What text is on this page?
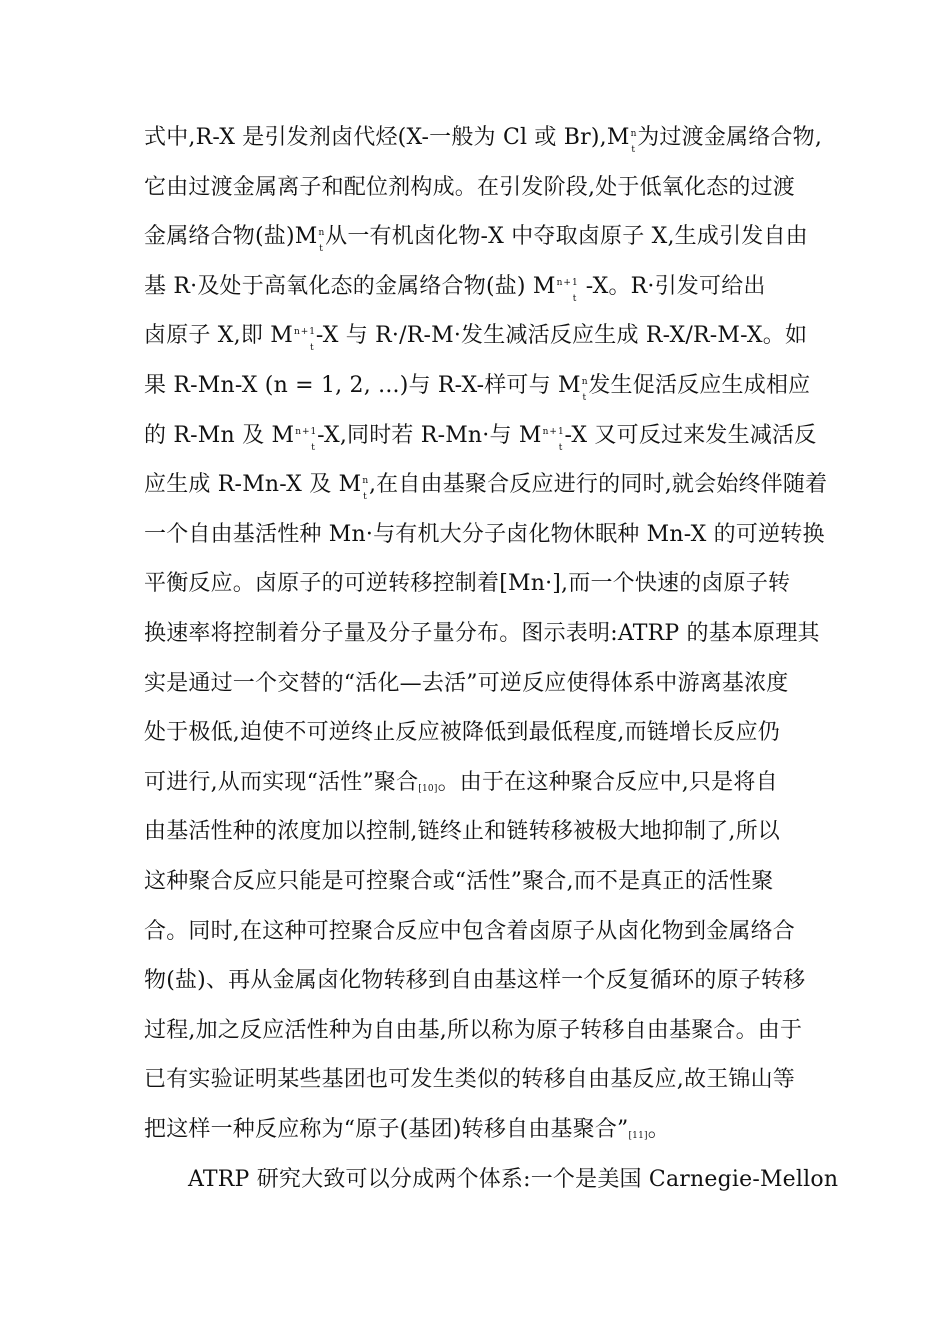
式中,R-X 是引发剂卤代烃(X-一般为 Cl 或 $Br),M^n_t$为过渡金属络合物,
它由过渡金属离子和配位剂构成。在引发阶段,处于低氧化态的过渡
金属络合物(盐)$M^n_t$从一有机卤化物-X 中夺取卤原子 X,生成引发自由
基 R·及处于高氧化态的金属络合物(盐) $M^{n+1}_t$ -X。R·引发可给出
卤原子 X,即 $M^{n+1}_t-X$ 与 R·/R-M·发生减活反应生成 R-X/R-M-X。如
果 R-Mn-X (n = 1, 2, ...)与 R-X-样可与 $M^n_t$发生促活反应生成相应
的 R-Mn 及 $M^{n+1}_t-X$,同时若 R-Mn·与 $M^{n+1}_t-X$ 又可反过来发生减活反
应生成 R-Mn-X 及 $M^n_t$,在自由基聚合反应进行的同时,就会始终伴随着
一个自由基活性种 Mn·与有机大分子卤化物休眠种 Mn-X 的可逆转换
平衡反应。卤原子的可逆转移控制着[Mn·],而一个快速的卤原子转
换速率将控制着分子量及分子量分布。图示表明:ATRP 的基本原理其
实是通过一个交替的“活化—去活”可逆反应使得体系中游离基浓度
处于极低,迫使不可逆终止反应被降低到最低程度,而链增长反应仍
可进行,从而实现“活性”聚合[10]。由于在这种聚合反应中,只是将自
由基活性种的浓度加以控制,链终止和链转移被极大地抑制了,所以
这种聚合反应只能是可控聚合或“活性”聚合,而不是真正的活性聚
合。同时,在这种可控聚合反应中包含着卤原子从卤化物到金属络合
物(盐)、再从金属卤化物转移到自由基这样一个反复循环的原子转移
过程,加之反应活性种为自由基,所以称为原子转移自由基聚合。由于
已有实验证明某些基团也可发生类似的转移自由基反应,故王锦山等
把这样一种反应称为“原子(基团)转移自由基聚合”[11]。
ATRP 研究大致可以分成两个体系:一个是美国 Carnegie-Mellon
